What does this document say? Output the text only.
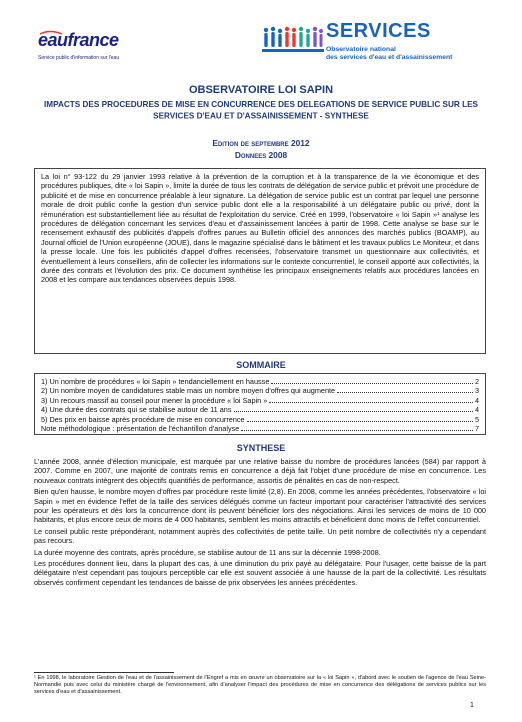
eaufrance
Service public d'information sur l'eau
SERVICES
Observatoire national
des services d'eau et d'assainissement
OBSERVATOIRE LOI SAPIN
IMPACTS DES PROCEDURES DE MISE EN CONCURRENCE DES DELEGATIONS DE SERVICE PUBLIC SUR LES SERVICES D'EAU ET D'ASSAINISSEMENT - SYNTHESE
Edition de septembre 2012
Donnees 2008

La loi n° 93-122 du 29 janvier 1993 relative à la prévention de la corruption et à la transparence de la vie économique et des procédures publiques, dite « loi Sapin », limite la durée de tous les contrats de délégation de service public et prévoit une procédure de publicité et de mise en concurrence préalable à leur signature. La délégation de service public est un contrat par lequel une personne morale de droit public confie la gestion d'un service public dont elle a la responsabilité à un délégataire public ou privé, dont la rémunération est substantiellement liée au résultat de l'exploitation du service. Créé en 1999, l'observatoire « loi Sapin »¹ analyse les procédures de délégation concernant les services d'eau et d'assainissement lancées à partir de 1998. Cette analyse se base sur le recensement exhaustif des publicités d'appels d'offres parues au Bulletin officiel des annonces des marchés publics (BOAMP), au Journal officiel de l'Union européenne (JOUE), dans le magazine spécialisé dans le bâtiment et les travaux publics Le Moniteur, et dans la presse locale. Une fois les publicités d'appel d'offres recensées, l'observatoire transmet un questionnaire aux collectivités, et éventuellement à leurs conseillers, afin de collecter les informations sur le contexte concurrentiel, le conseil apporté aux collectivités, la durée des contrats et l'évolution des prix. Ce document synthétise les principaux enseignements relatifs aux procédures lancées en 2008 et les compare aux tendances observées depuis 1998.

SOMMAIRE
1) Un nombre de procédures « loi Sapin » tendanciellement en hausse	2
2) Un nombre moyen de candidatures stable mais un nombre moyen d'offres qui augmente	3
3) Un recours massif au conseil pour mener la procédure « loi Sapin »	4
4) Une durée des contrats qui se stabilise autour de 11 ans	4
5) Des prix en baisse après procédure de mise en concurrence	5
Note méthodologique : présentation de l'échantillon d'analyse	7
SYNTHESE

L'année 2008, année d'élection municipale, est marquée par une relative baisse du nombre de procédures lancées (584) par rapport à 2007. Comme en 2007, une majorité de contrats remis en concurrence a déjà fait l'objet d'une procédure de mise en concurrence. Les nouveaux contrats intègrent des objectifs quantifiés de performance, assortis de pénalités en cas de non-respect.

Bien qu'en hausse, le nombre moyen d'offres par procédure reste limité (2,8). En 2008, comme les années précédentes, l'observatoire « loi Sapin » met en évidence l'effet de la taille des services délégués comme un facteur important pour caractériser l'attractivité des services pour les opérateurs et dès lors la concurrence dont ils peuvent bénéficier lors des négociations. Ainsi les services de moins de 10 000 habitants, et plus encore ceux de moins de 4 000 habitants, semblent les moins attractifs et bénéficient donc moins de l'effet concurrentiel.

Le conseil public reste prépondérant, notamment auprès des collectivités de petite taille. Un petit nombre de collectivités n'y a cependant pas recours.

La durée moyenne des contrats, après procédure, se stabilise autour de 11 ans sur la décennie 1998-2008.

Les procédures donnent lieu, dans la plupart des cas, à une diminution du prix payé au délégataire. Pour l'usager, cette baisse de la part délégataire n'est cependant pas toujours perceptible car elle est souvent associée à une hausse de la part de la collectivité. Les résultats observés confirment cependant les tendances de baisse de prix observées les années précédentes.

¹ En 1998, le laboratoire Gestion de l'eau et de l'assainissement de l'Engref a mis en œuvre un observatoire sur la « loi Sapin », d'abord avec le soutien de l'agence de l'eau Seine-Normandie puis avec celui du ministère chargé de l'environnement, afin d'analyser l'impact des procédures de mise en concurrence des délégations de services publics sur les services d'eau et d'assainissement.
1
